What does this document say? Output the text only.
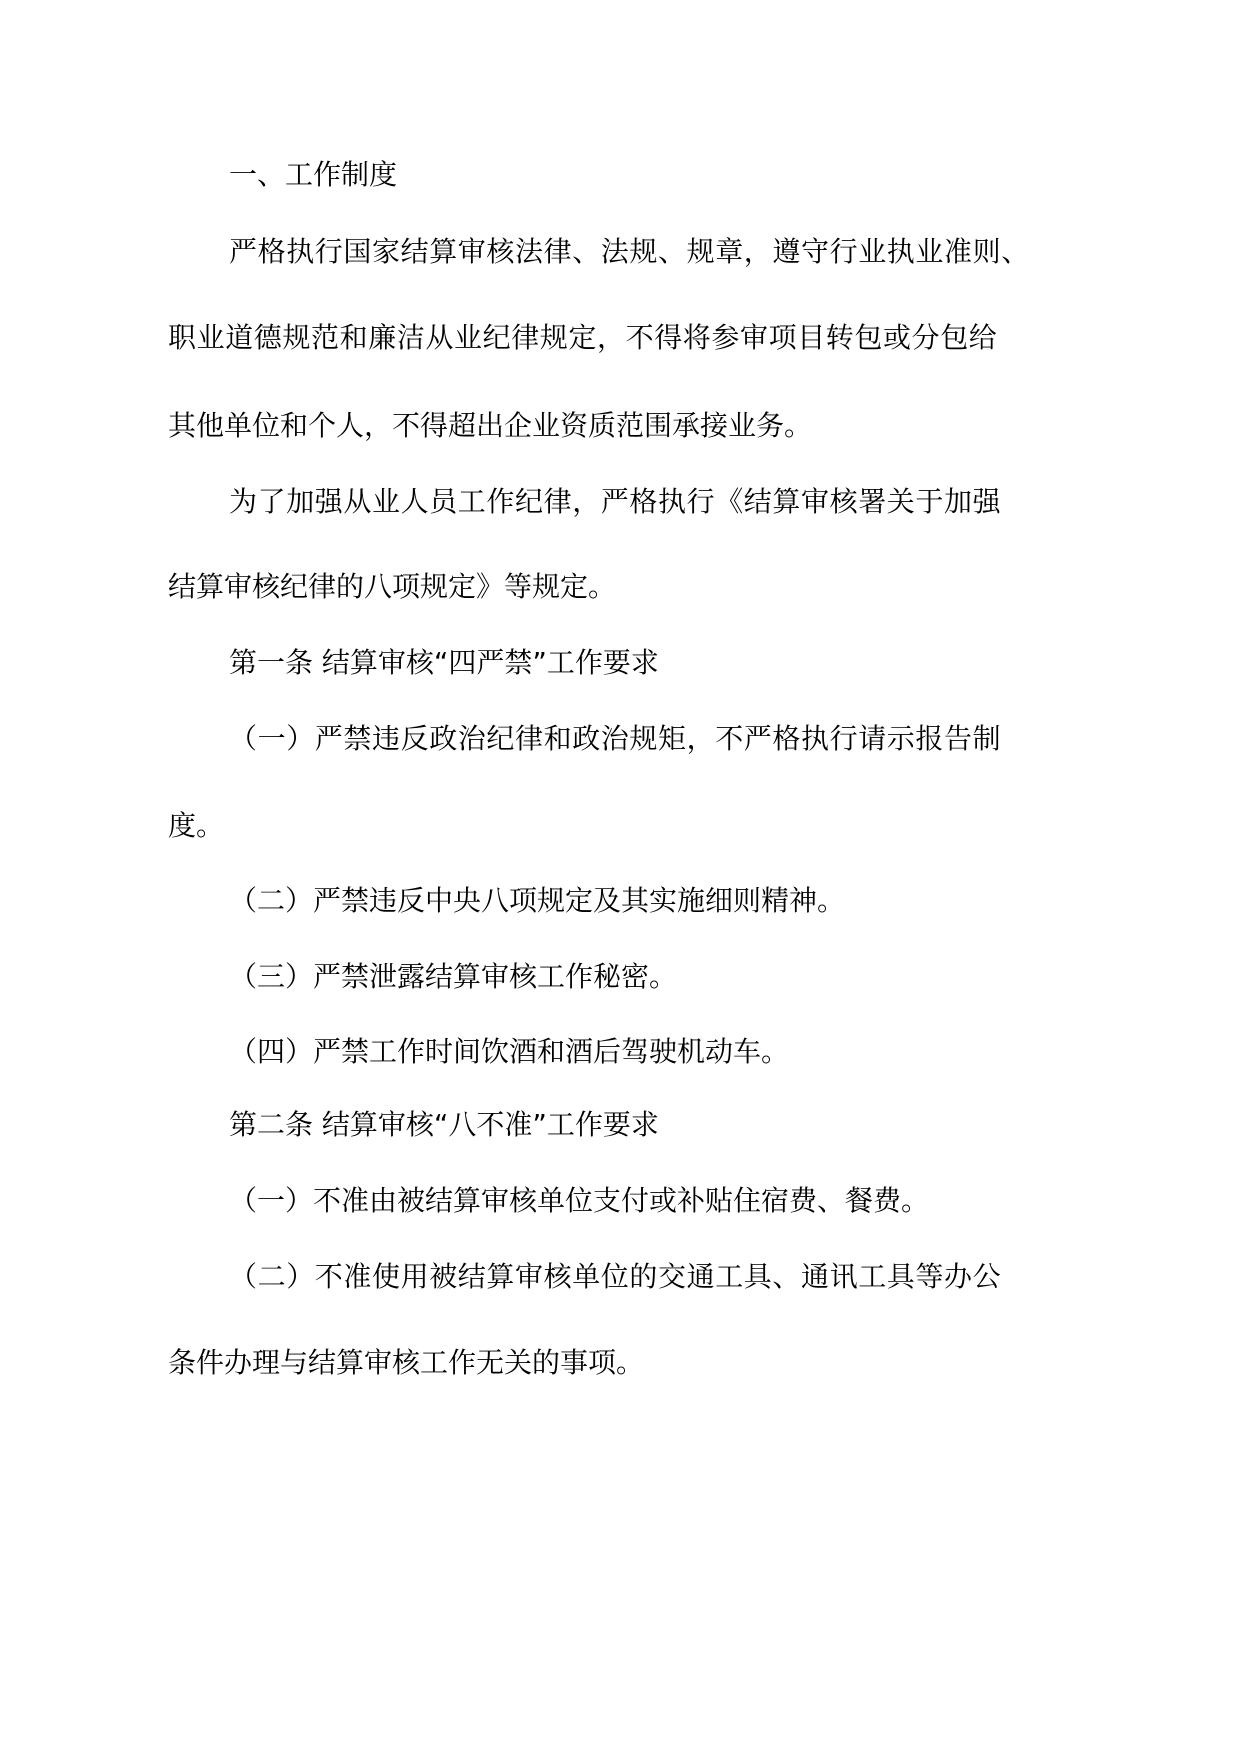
一、工作制度

严格执行国家结算审核法律、法规、规章，遵守行业执业准则、

职业道德规范和廉洁从业纪律规定，不得将参审项目转包或分包给

其他单位和个人，不得超出企业资质范围承接业务。

为了加强从业人员工作纪律，严格执行《结算审核署关于加强

结算审核纪律的八项规定》等规定。

第一条 结算审核“四严禁”工作要求

（一）严禁违反政治纪律和政治规矩，不严格执行请示报告制

度。

（二）严禁违反中央八项规定及其实施细则精神。

（三）严禁泄露结算审核工作秘密。

（四）严禁工作时间饮酒和酒后驾驶机动车。

第二条 结算审核“八不准”工作要求

（一）不准由被结算审核单位支付或补贴住宿费、餐费。

（二）不准使用被结算审核单位的交通工具、通讯工具等办公

条件办理与结算审核工作无关的事项。
